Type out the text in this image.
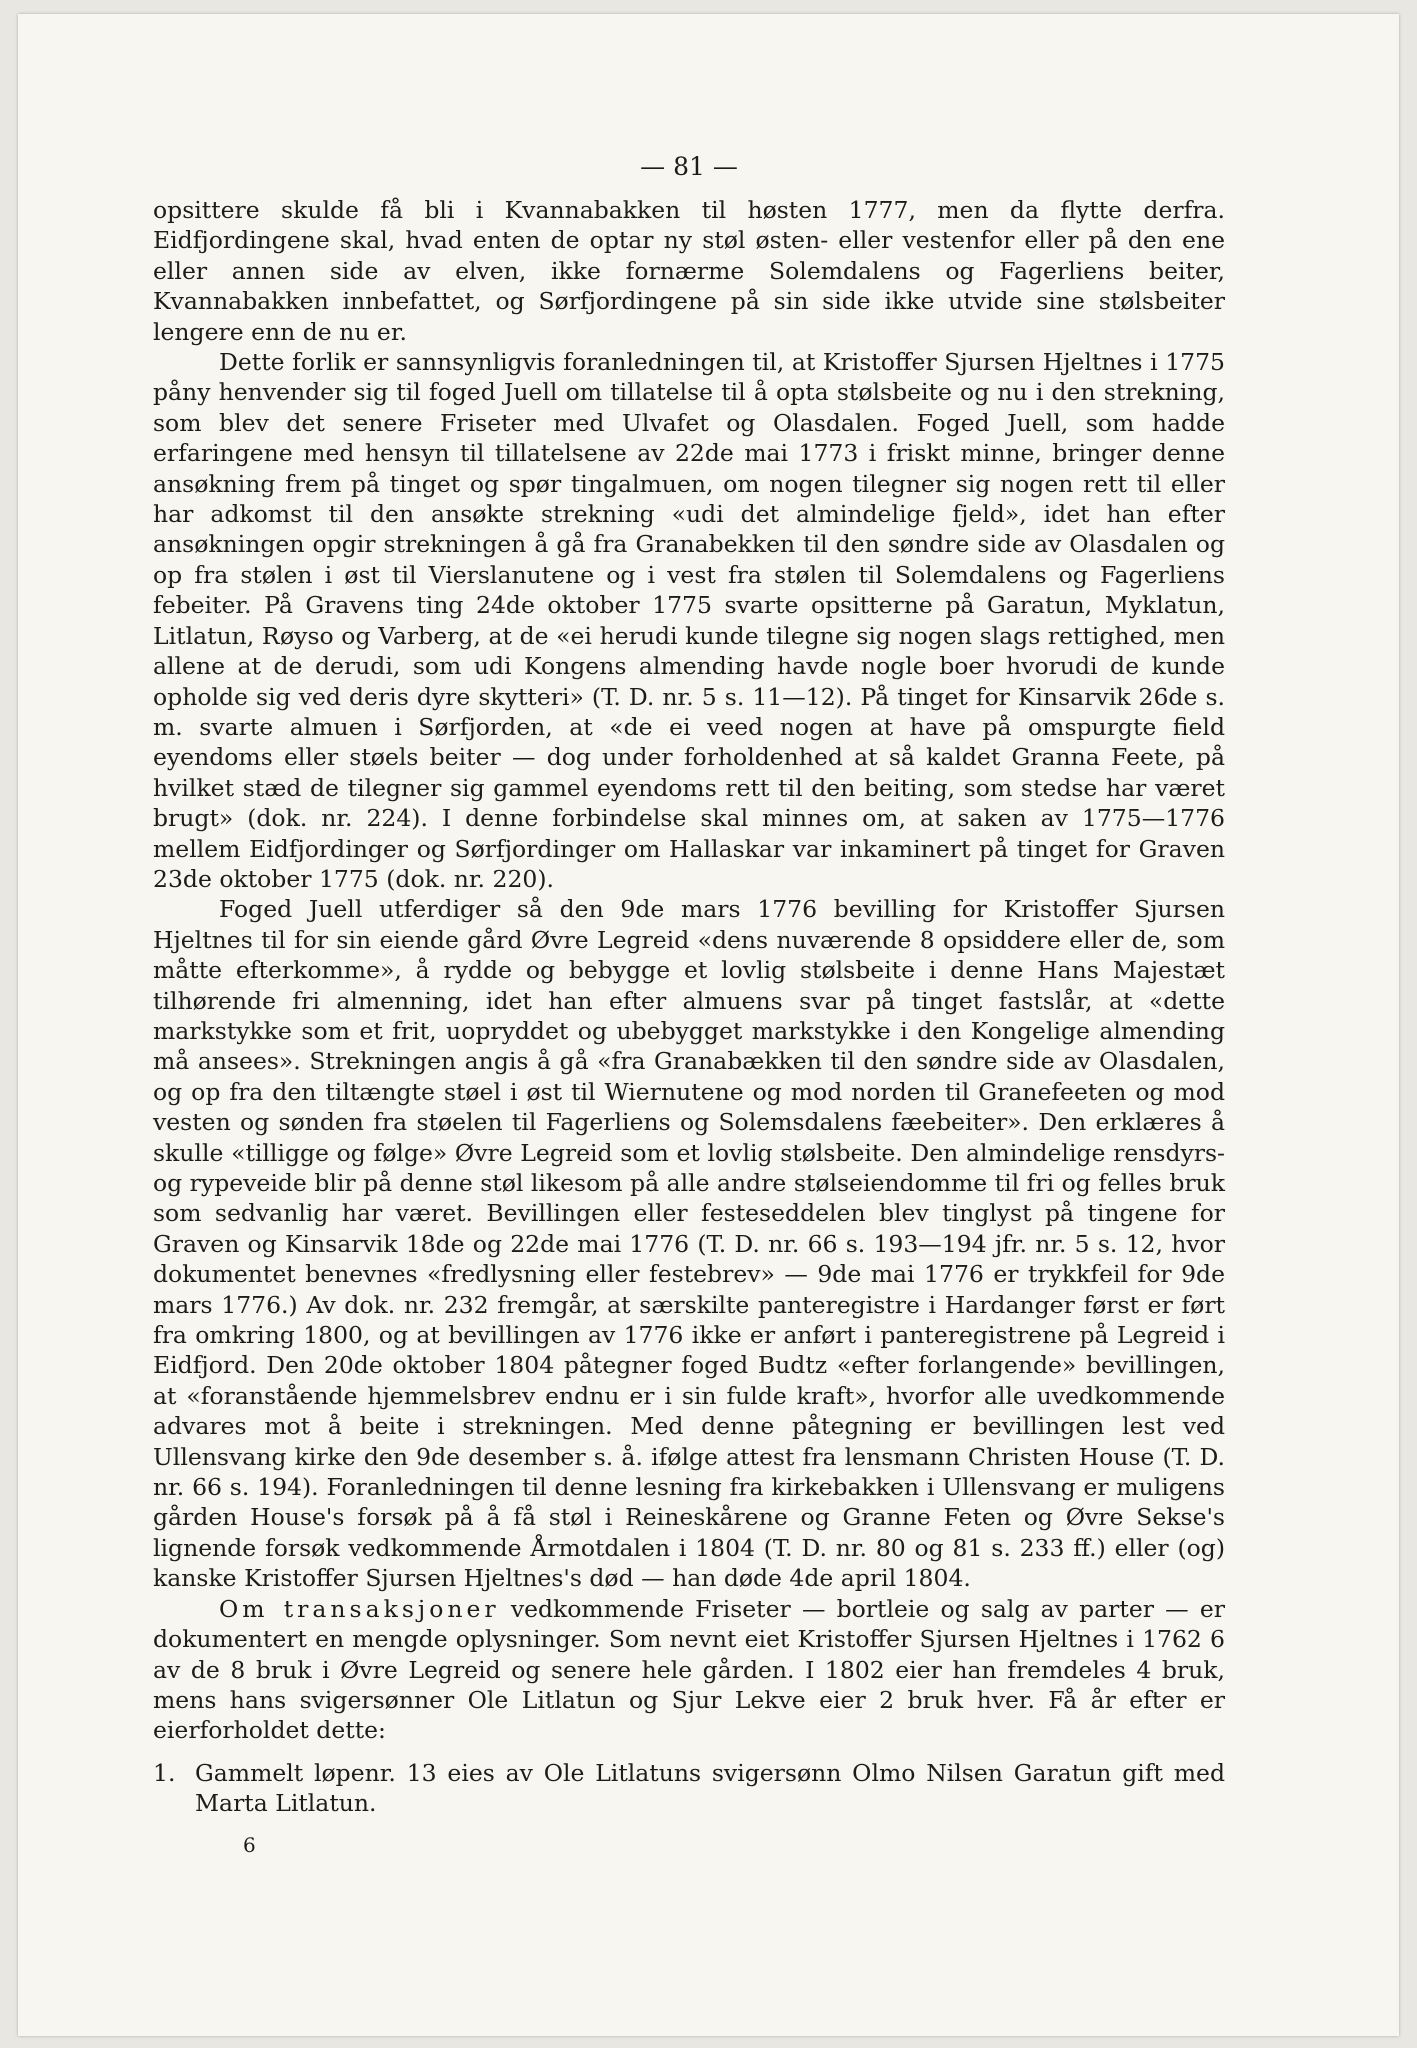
— 81 —

opsittere skulde få bli i Kvannabakken til høsten 1777, men da flytte derfra. Eidfjordingene skal, hvad enten de optar ny støl østen- eller vestenfor eller på den ene eller annen side av elven, ikke fornærme Solemdalens og Fagerliens beiter, Kvannabakken innbefattet, og Sørfjordingene på sin side ikke utvide sine stølsbeiter lengere enn de nu er.

Dette forlik er sannsynligvis foranledningen til, at Kristoffer Sjursen Hjeltnes i 1775 påny henvender sig til foged Juell om tillatelse til å opta stølsbeite og nu i den strekning, som blev det senere Friseter med Ulvafet og Olasdalen. Foged Juell, som hadde erfaringene med hensyn til tillatelsene av 22de mai 1773 i friskt minne, bringer denne ansøkning frem på tinget og spør tingalmuen, om nogen tilegner sig nogen rett til eller har adkomst til den ansøkte strekning «udi det almindelige fjeld», idet han efter ansøkningen opgir strekningen å gå fra Granabekken til den søndre side av Olasdalen og op fra stølen i øst til Vierslanutene og i vest fra stølen til Solemdalens og Fagerliens febeiter. På Gravens ting 24de oktober 1775 svarte opsitterne på Garatun, Myklatun, Litlatun, Røyso og Varberg, at de «ei herudi kunde tilegne sig nogen slags rettighed, men allene at de derudi, som udi Kongens almending havde nogle boer hvorudi de kunde opholde sig ved deris dyre skytteri» (T. D. nr. 5 s. 11—12). På tinget for Kinsarvik 26de s. m. svarte almuen i Sørfjorden, at «de ei veed nogen at have på omspurgte field eyendoms eller støels beiter — dog under forholdenhed at så kaldet Granna Feete, på hvilket stæd de tilegner sig gammel eyendoms rett til den beiting, som stedse har været brugt» (dok. nr. 224). I denne forbindelse skal minnes om, at saken av 1775—1776 mellem Eidfjordinger og Sørfjordinger om Hallaskar var inkaminert på tinget for Graven 23de oktober 1775 (dok. nr. 220).

Foged Juell utferdiger så den 9de mars 1776 bevilling for Kristoffer Sjursen Hjeltnes til for sin eiende gård Øvre Legreid «dens nuværende 8 opsiddere eller de, som måtte efterkomme», å rydde og bebygge et lovlig stølsbeite i denne Hans Majestæt tilhørende fri almenning, idet han efter almuens svar på tinget fastslår, at «dette markstykke som et frit, uopryddet og ubebygget markstykke i den Kongelige almending må ansees». Strekningen angis å gå «fra Granabækken til den søndre side av Olasdalen, og op fra den tiltængte støel i øst til Wiernutene og mod norden til Granefeeten og mod vesten og sønden fra støelen til Fagerliens og Solemsdalens fæebeiter». Den erklæres å skulle «tilligge og følge» Øvre Legreid som et lovlig stølsbeite. Den almindelige rensdyrs- og rypeveide blir på denne støl likesom på alle andre stølseiendomme til fri og felles bruk som sedvanlig har været. Bevillingen eller festeseddelen blev tinglyst på tingene for Graven og Kinsarvik 18de og 22de mai 1776 (T. D. nr. 66 s. 193—194 jfr. nr. 5 s. 12, hvor dokumentet benevnes «fredlysning eller festebrev» — 9de mai 1776 er trykkfeil for 9de mars 1776.) Av dok. nr. 232 fremgår, at særskilte panteregistre i Hardanger først er ført fra omkring 1800, og at bevillingen av 1776 ikke er anført i panteregistrene på Legreid i Eidfjord. Den 20de oktober 1804 påtegner foged Budtz «efter forlangende» bevillingen, at «foranstående hjemmelsbrev endnu er i sin fulde kraft», hvorfor alle uvedkommende advares mot å beite i strekningen. Med denne påtegning er bevillingen lest ved Ullensvang kirke den 9de desember s. å. ifølge attest fra lensmann Christen House (T. D. nr. 66 s. 194). Foranledningen til denne lesning fra kirkebakken i Ullensvang er muligens gården House's forsøk på å få støl i Reineskårene og Granne Feten og Øvre Sekse's lignende forsøk vedkommende Årmotdalen i 1804 (T. D. nr. 80 og 81 s. 233 ff.) eller (og) kanske Kristoffer Sjursen Hjeltnes's død — han døde 4de april 1804.

Om transaksjoner vedkommende Friseter — bortleie og salg av parter — er dokumentert en mengde oplysninger. Som nevnt eiet Kristoffer Sjursen Hjeltnes i 1762 6 av de 8 bruk i Øvre Legreid og senere hele gården. I 1802 eier han fremdeles 4 bruk, mens hans svigersønner Ole Litlatun og Sjur Lekve eier 2 bruk hver. Få år efter er eierforholdet dette:

1. Gammelt løpenr. 13 eies av Ole Litlatuns svigersønn Olmo Nilsen Garatun gift med Marta Litlatun.
6
